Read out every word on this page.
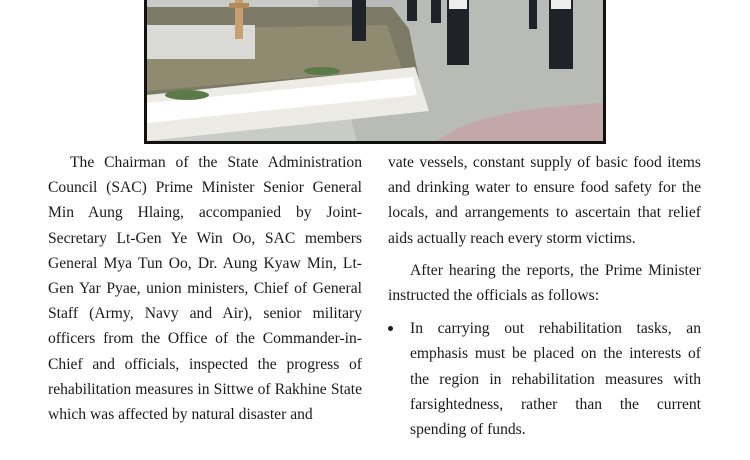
The Chairman of the State Administration Council (SAC) Prime Minister Senior General Min Aung Hlaing, accompanied by Joint-Secretary Lt-Gen Ye Win Oo, SAC members General Mya Tun Oo, Dr. Aung Kyaw Min, Lt-Gen Yar Pyae, union ministers, Chief of General Staff (Army, Navy and Air), senior military officers from the Office of the Commander-in-Chief and officials, inspected the progress of rehabilitation measures in Sittwe of Rakhine State which was affected by natural disaster and

vate vessels, constant supply of basic food items and drinking water to ensure food safety for the locals, and arrangements to ascertain that relief aids actually reach every storm victims.

After hearing the reports, the Prime Minister instructed the officials as follows:

In carrying out rehabilitation tasks, an emphasis must be placed on the interests of the region in rehabilitation measures with farsightedness, rather than the current spending of funds.
